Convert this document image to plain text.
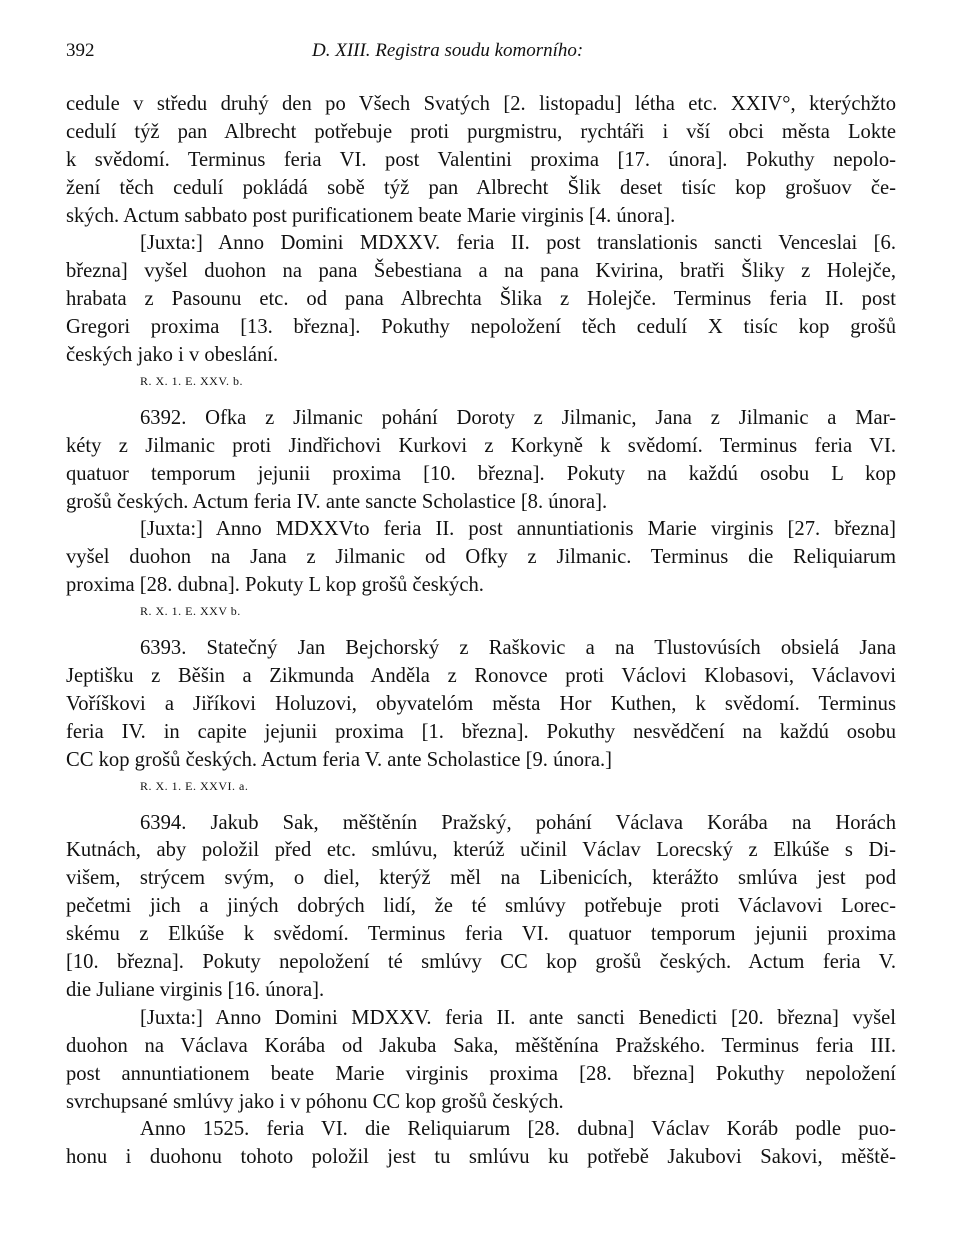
392	D. XIII. Registra soudu komorního:
cedule v středu druhý den po Všech Svatých [2. listopadu] létha etc. XXIV°, kterýchžto
cedulí týž pan Albrecht potřebuje proti purgmistru, rychtáři i vší obci města Lokte
k svědomí. Terminus feria VI. post Valentini proxima [17. února]. Pokuthy nepolo-
žení těch cedulí pokládá sobě týž pan Albrecht Šlik deset tisíc kop grošuov če-
ských. Actum sabbato post purificationem beate Marie virginis [4. února].
[Juxta:] Anno Domini MDXXV. feria II. post translationis sancti Venceslai [6.
března] vyšel duohon na pana Šebestiana a na pana Kvirina, bratři Šliky z Holejče,
hrabata z Pasounu etc. od pana Albrechta Šlika z Holejče. Terminus feria II. post
Gregori proxima [13. března]. Pokuthy nepoložení těch cedulí X tisíc kop grošů
českých jako i v obeslání.
R. X. 1. E. XXV. b.
6392. Ofka z Jilmanic pohání Doroty z Jilmanic, Jana z Jilmanic a Mar-
kéty z Jilmanic proti Jindřichovi Kurkovi z Korkyně k svědomí. Terminus feria VI.
quatuor temporum jejunii proxima [10. března]. Pokuty na každú osobu L kop
grošů českých. Actum feria IV. ante sancte Scholastice [8. února].
[Juxta:] Anno MDXXVto feria II. post annuntiationis Marie virginis [27. března]
vyšel duohon na Jana z Jilmanic od Ofky z Jilmanic. Terminus die Reliquiarum
proxima [28. dubna]. Pokuty L kop grošů českých.
R. X. 1. E. XXV b.
6393. Statečný Jan Bejchorský z Raškovic a na Tlustovúsích obsielá Jana
Jeptišku z Běšin a Zikmunda Anděla z Ronovce proti Václovi Klobasovi, Václavovi
Voříškovi a Jiříkovi Holuzovi, obyvatelóm města Hor Kuthen, k svědomí. Terminus
feria IV. in capite jejunii proxima [1. března]. Pokuthy nesvědčení na každú osobu
CC kop grošů českých. Actum feria V. ante Scholastice [9. února.]
R. X. 1. E. XXVI. a.
6394. Jakub Sak, měštěnín Pražský, pohání Václava Korába na Horách
Kutnách, aby položil před etc. smlúvu, kterúž učinil Václav Lorecský z Elkúše s Di-
višem, strýcem svým, o diel, kterýž měl na Libenicích, kterážto smlúva jest pod
pečetmi jich a jiných dobrých lidí, že té smlúvy potřebuje proti Václavovi Lorec-
skému z Elkúše k svědomí. Terminus feria VI. quatuor temporum jejunii proxima
[10. března]. Pokuty nepoložení té smlúvy CC kop grošů českých. Actum feria V.
die Juliane virginis [16. února].
[Juxta:] Anno Domini MDXXV. feria II. ante sancti Benedicti [20. března] vyšel
duohon na Václava Korába od Jakuba Saka, měštěnína Pražského. Terminus feria III.
post annuntiationem beate Marie virginis proxima [28. března] Pokuthy nepoložení
svrchupsané smlúvy jako i v póhonu CC kop grošů českých.
Anno 1525. feria VI. die Reliquiarum [28. dubna] Václav Koráb podle puo-
honu i duohonu tohoto položil jest tu smlúvu ku potřebě Jakubovi Sakovi, měště-
